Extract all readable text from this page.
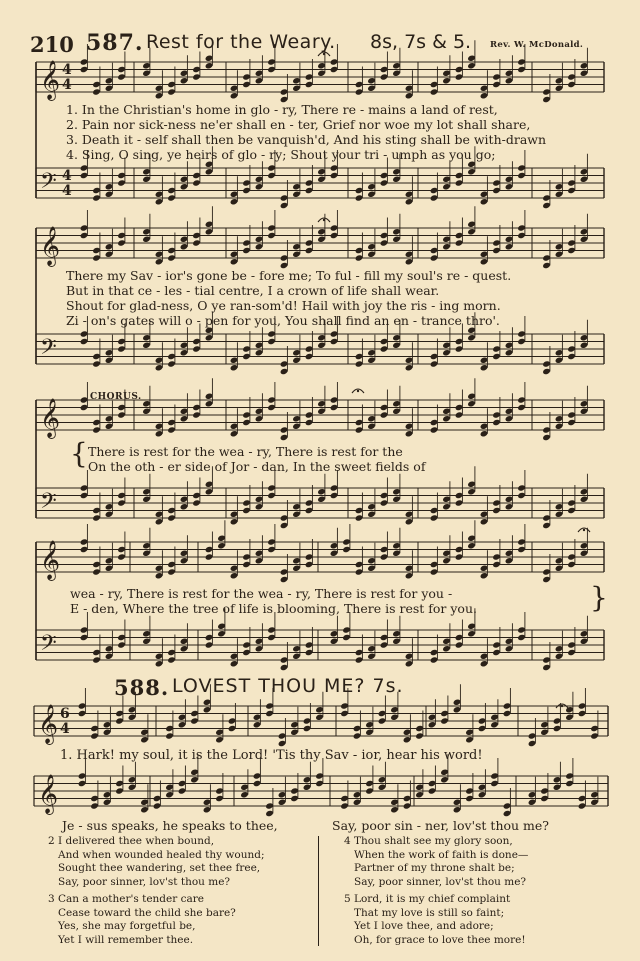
210 587. Rest for the Weary. 8s, 7s & 5. Rev. W. McDonald.
𝄞
𝄢
𝄞
𝄢
𝄞
𝄢
𝄞
𝄢
𝄞
𝄞
4
4
4
4
6
4
1. In the Christian's home in glo - ry, There re - mains a land of rest,
2. Pain nor sick-ness ne'er shall en - ter, Grief nor woe my lot shall share,
3. Death it - self shall then be vanquish'd, And his sting shall be with-drawn
4. Sing, O sing, ye heirs of glo - ry; Shout your tri - umph as you go;
There my Sav - ior's gone be - fore me; To ful - fill my soul's re - quest.
But in that ce - les - tial centre, I a crown of life shall wear.
Shout for glad-ness, O ye ran-som'd! Hail with joy the ris - ing morn.
Zi - on's gates will o - pen for you, You shall find an en - trance thro'.
CHORUS.
{ There is rest for the wea - ry, There is rest for the
On the oth - er side of Jor - dan, In the sweet fields of
wea - ry, There is rest for the wea - ry, There is rest for you -
E - den, Where the tree of life is blooming, There is rest for you.	}
588. LOVEST THOU ME? 7s.
1. Hark! my soul, it is the Lord! 'Tis thy Sav - ior, hear his word!
Je - sus speaks, he speaks to thee,	Say, poor sin - ner, lov'st thou me?
2 I delivered thee when bound,
And when wounded healed thy wound;
Sought thee wandering, set thee free,
Say, poor sinner, lov'st thou me?
3 Can a mother's tender care
Cease toward the child she bare?
Yes, she may forgetful be,
Yet I will remember thee.
4 Thou shalt see my glory soon,
When the work of faith is done—
Partner of my throne shalt be;
Say, poor sinner, lov'st thou me?
5 Lord, it is my chief complaint
That my love is still so faint;
Yet I love thee, and adore;
Oh, for grace to love thee more!
